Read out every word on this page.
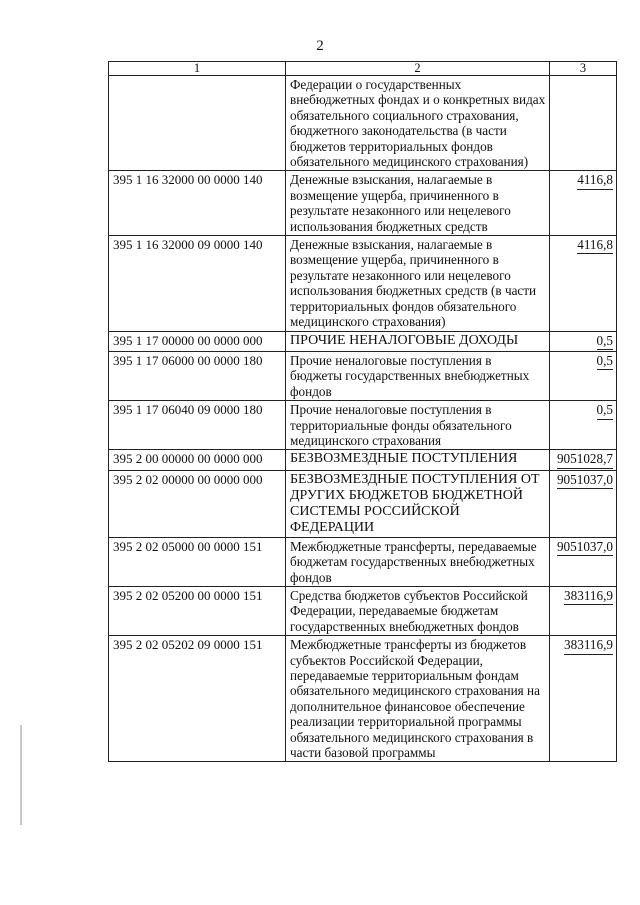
2
1	2	3
	Федерации о государственных внебюджетных фондах и о конкретных видах обязательного социального страхования, бюджетного законодательства (в части бюджетов территориальных фондов обязательного медицинского страхования)	
395 1 16 32000 00 0000 140	Денежные взыскания, налагаемые в возмещение ущерба, причиненного в результате незаконного или нецелевого использования бюджетных средств	4116,8
395 1 16 32000 09 0000 140	Денежные взыскания, налагаемые в возмещение ущерба, причиненного в результате незаконного или нецелевого использования бюджетных средств (в части территориальных фондов обязательного медицинского страхования)	4116,8
395 1 17 00000 00 0000 000	ПРОЧИЕ НЕНАЛОГОВЫЕ ДОХОДЫ	0,5
395 1 17 06000 00 0000 180	Прочие неналоговые поступления в бюджеты государственных внебюджетных фондов	0,5
395 1 17 06040 09 0000 180	Прочие неналоговые поступления в территориальные фонды обязательного медицинского страхования	0,5
395 2 00 00000 00 0000 000	БЕЗВОЗМЕЗДНЫЕ ПОСТУПЛЕНИЯ	9051028,7
395 2 02 00000 00 0000 000	БЕЗВОЗМЕЗДНЫЕ ПОСТУПЛЕНИЯ ОТ ДРУГИХ БЮДЖЕТОВ БЮДЖЕТНОЙ СИСТЕМЫ РОССИЙСКОЙ ФЕДЕРАЦИИ	9051037,0
395 2 02 05000 00 0000 151	Межбюджетные трансферты, передаваемые бюджетам государственных внебюджетных фондов	9051037,0
395 2 02 05200 00 0000 151	Средства бюджетов субъектов Российской Федерации, передаваемые бюджетам государственных внебюджетных фондов	383116,9
395 2 02 05202 09 0000 151	Межбюджетные трансферты из бюджетов субъектов Российской Федерации, передаваемые территориальным фондам обязательного медицинского страхования на дополнительное финансовое обеспечение реализации территориальной программы обязательного медицинского страхования в части базовой программы	383116,9
